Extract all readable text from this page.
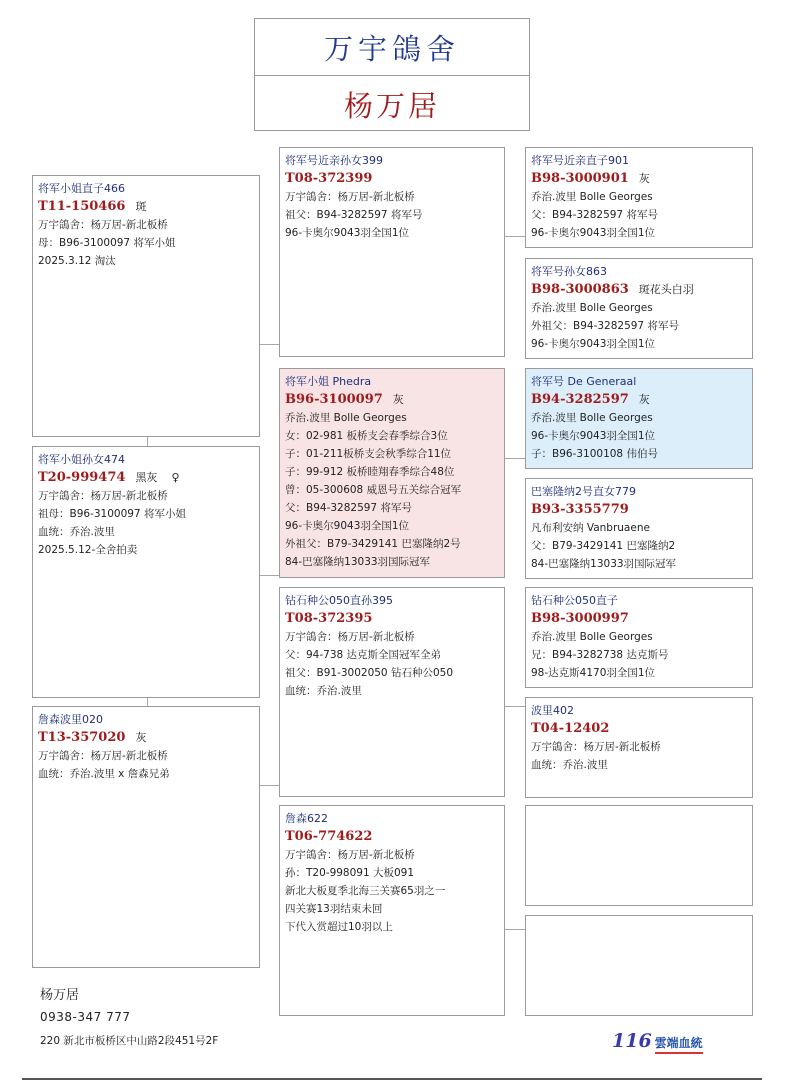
万宇鴿舍
杨万居
将军小姐直子466
T11-150466 斑
万宇鴿舍：杨万居-新北板桥
母：B96-3100097 将军小姐
2025.3.12 淘汰
将军小姐孙女474
T20-999474 黑灰 ♀
万宇鴿舍：杨万居-新北板桥
祖母：B96-3100097 将军小姐
血统：乔治.波里
2025.5.12-全舍拍卖
詹森波里020
T13-357020 灰
万宇鴿舍：杨万居-新北板桥
血统：乔治.波里 x 詹森兄弟
将军号近亲孙女399
T08-372399
万宇鴿舍：杨万居-新北板桥
祖父：B94-3282597 将军号
96-卡奥尔9043羽全国1位
将军小姐 Phedra
B96-3100097 灰
乔治.波里 Bolle Georges
女：02-981 板桥支会春季综合3位
子：01-211板桥支会秋季综合11位
子：99-912 板桥睦翔春季综合48位
曾：05-300608 威恩号五关综合冠军
父：B94-3282597 将军号
96-卡奥尔9043羽全国1位
外祖父：B79-3429141 巴塞隆纳2号
84-巴塞隆纳13033羽国际冠军
钻石种公050直孙395
T08-372395
万宇鴿舍：杨万居-新北板桥
父：94-738 达克斯全国冠军全弟
祖父：B91-3002050 钻石种公050
血统：乔治.波里
詹森622
T06-774622
万宇鴿舍：杨万居-新北板桥
孙：T20-998091 大板091
新北大板夏季北海三关赛65羽之一
四关赛13羽结束未回
下代入赏超过10羽以上
将军号近亲直子901
B98-3000901 灰
乔治.波里 Bolle Georges
父：B94-3282597 将军号
96-卡奥尔9043羽全国1位
将军号孙女863
B98-3000863 斑花头白羽
乔治.波里 Bolle Georges
外祖父：B94-3282597 将军号
96-卡奥尔9043羽全国1位
将军号 De Generaal
B94-3282597 灰
乔治.波里 Bolle Georges
96-卡奥尔9043羽全国1位
子：B96-3100108 伟伯号
巴塞隆纳2号直女779
B93-3355779
凡布利安纳 Vanbruaene
父：B79-3429141 巴塞隆纳2
84-巴塞隆纳13033羽国际冠军
钻石种公050直子
B98-3000997
乔治.波里 Bolle Georges
兄：B94-3282738 达克斯号
98-达克斯4170羽全国1位
波里402
T04-12402
万宇鴿舍：杨万居-新北板桥
血统：乔治.波里
杨万居
0938-347 777
220 新北市板桥区中山路2段451号2F	116 雲端血統
